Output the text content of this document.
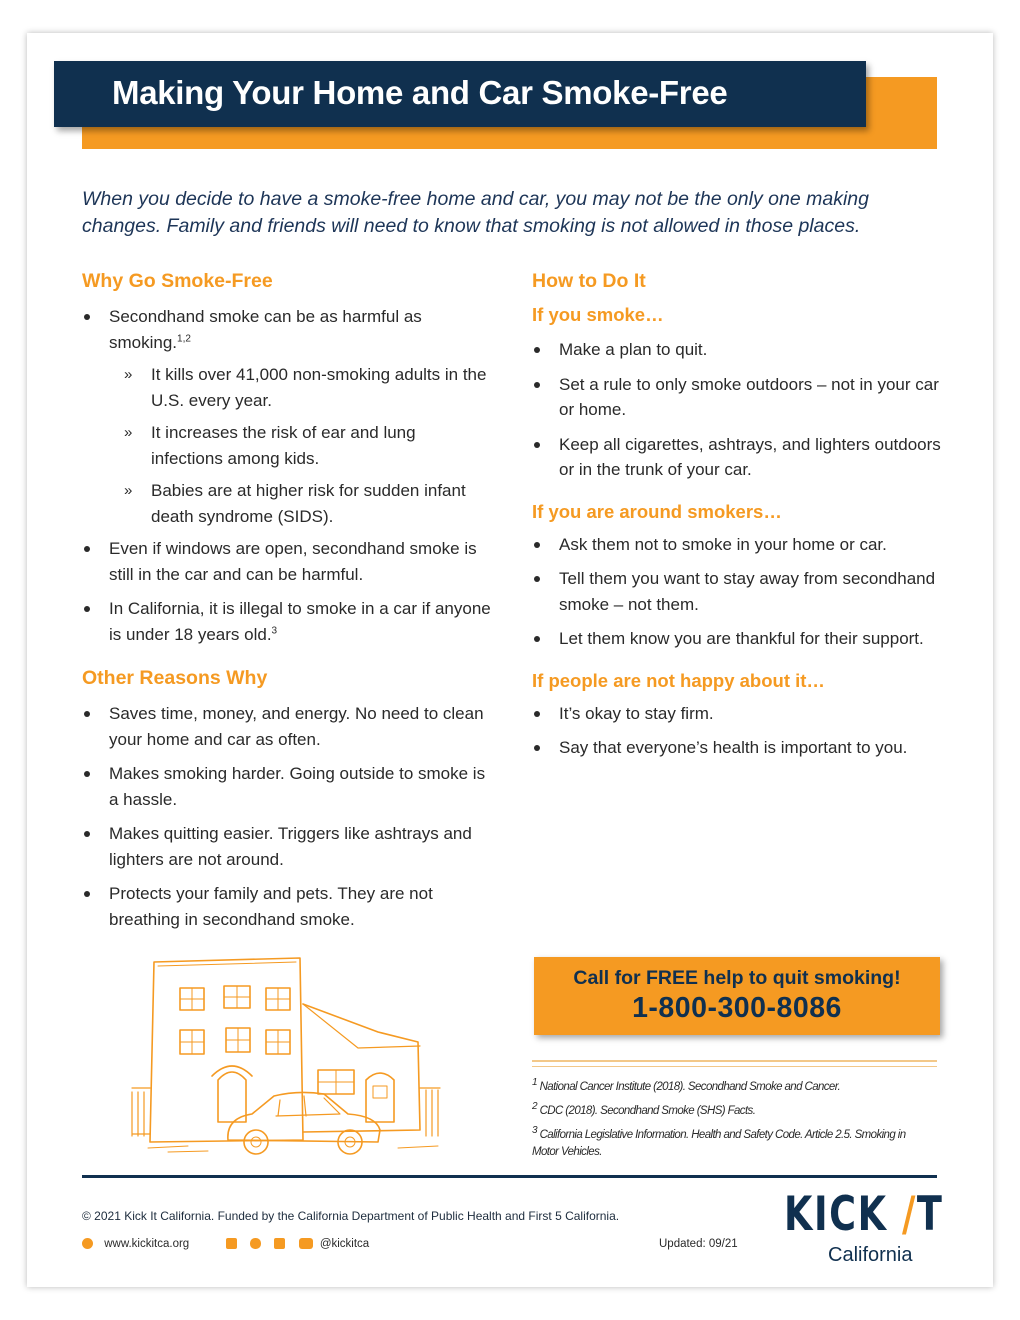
Making Your Home and Car Smoke-Free
When you decide to have a smoke-free home and car, you may not be the only one making changes. Family and friends will need to know that smoking is not allowed in those places.
Why Go Smoke-Free
Secondhand smoke can be as harmful as smoking.$^{1,2}$
» It kills over 41,000 non-smoking adults in the U.S. every year.
» It increases the risk of ear and lung infections among kids.
» Babies are at higher risk for sudden infant death syndrome (SIDS).
Even if windows are open, secondhand smoke is still in the car and can be harmful.
In California, it is illegal to smoke in a car if anyone is under 18 years old.$^3$
Other Reasons Why
Saves time, money, and energy. No need to clean your home and car as often.
Makes smoking harder. Going outside to smoke is a hassle.
Makes quitting easier. Triggers like ashtrays and lighters are not around.
Protects your family and pets. They are not breathing in secondhand smoke.
How to Do It
If you smoke…
Make a plan to quit.
Set a rule to only smoke outdoors – not in your car or home.
Keep all cigarettes, ashtrays, and lighters outdoors or in the trunk of your car.
If you are around smokers…
Ask them not to smoke in your home or car.
Tell them you want to stay away from secondhand smoke – not them.
Let them know you are thankful for their support.
If people are not happy about it…
It’s okay to stay firm.
Say that everyone’s health is important to you.
Call for FREE help to quit smoking!
1-800-300-8086
$^1$ National Cancer Institute (2018). Secondhand Smoke and Cancer.
$^2$ CDC (2018). Secondhand Smoke (SHS) Facts.
$^3$ California Legislative Information. Health and Safety Code. Article 2.5. Smoking in Motor Vehicles.
© 2021 Kick It California. Funded by the California Department of Public Health and First 5 California.
www.kickitca.org	@kickitca	Updated: 09/21
KICK /T
California
